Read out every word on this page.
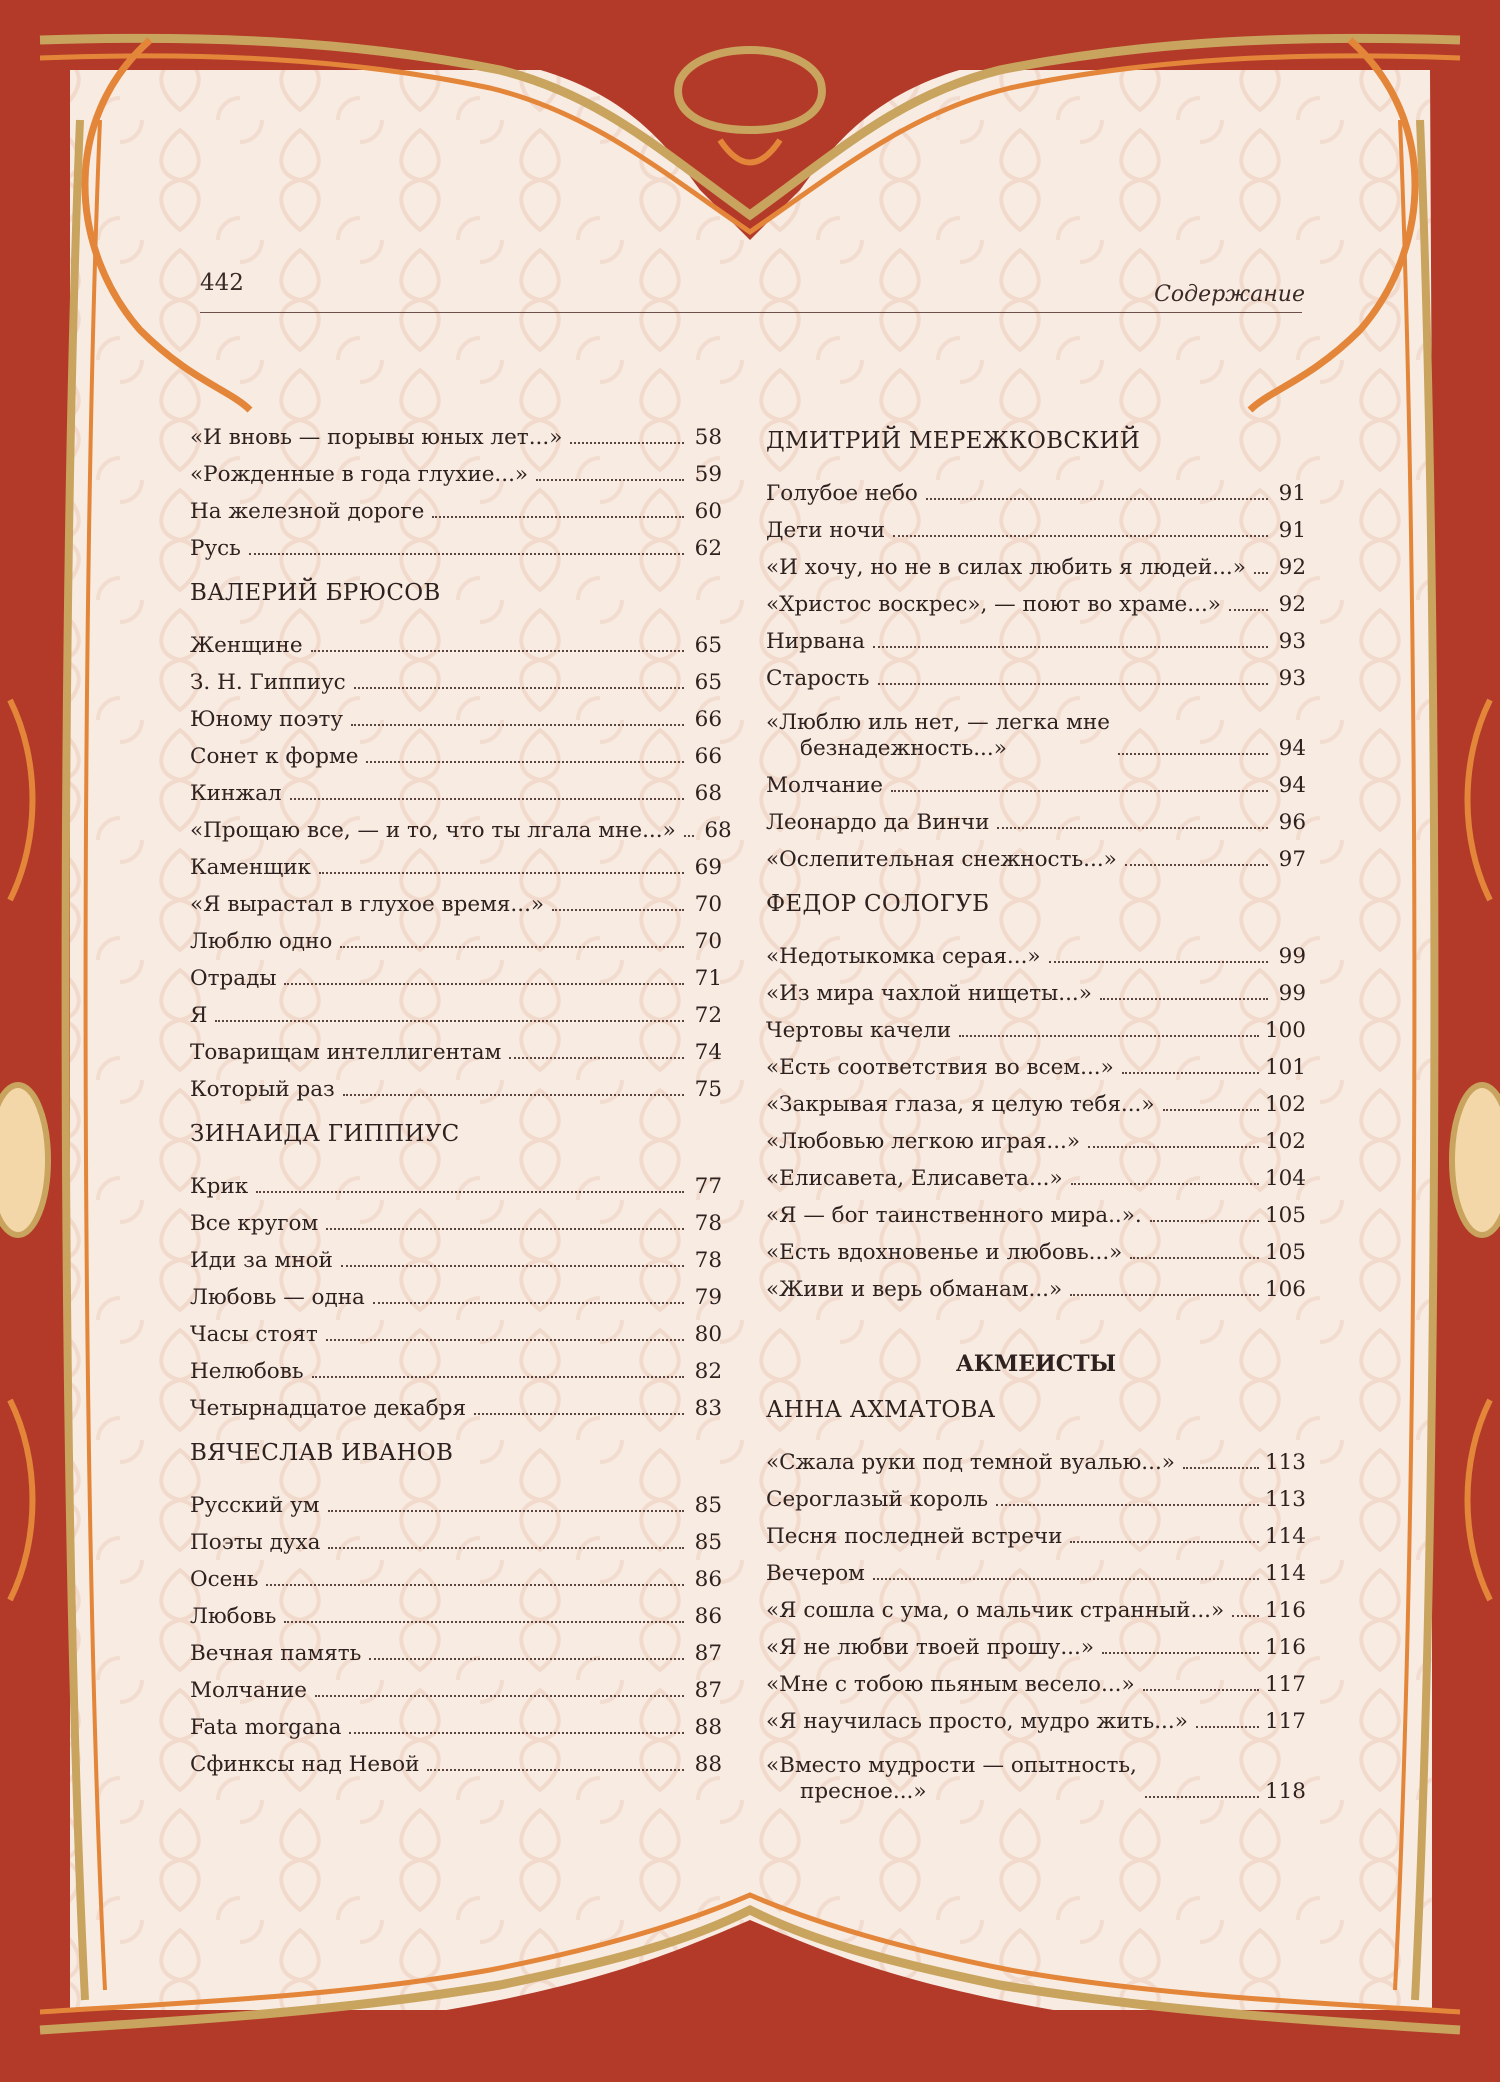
442	Содержание
«И вновь — порывы юных лет...»	58
«Рожденные в года глухие...»	59
На железной дороге	60
Русь	62
ВАЛЕРИЙ БРЮСОВ
Женщине	65
З. Н. Гиппиус	65
Юному поэту	66
Сонет к форме	66
Кинжал	68
«Прощаю все, — и то, что ты лгала мне...» 68
Каменщик	69
«Я вырастал в глухое время...»	70
Люблю одно	70
Отрады	71
Я	72
Товарищам интеллигентам	74
Который раз	75
ЗИНАИДА ГИППИУС
Крик	77
Все кругом	78
Иди за мной	78
Любовь — одна	79
Часы стоят	80
Нелюбовь	82
Четырнадцатое декабря	83
ВЯЧЕСЛАВ ИВАНОВ
Русский ум	85
Поэты духа	85
Осень	86
Любовь	86
Вечная память	87
Молчание	87
Fata morgana	88
Сфинксы над Невой	88
ДМИТРИЙ МЕРЕЖКОВСКИЙ
Голубое небо	91
Дети ночи	91
«И хочу, но не в силах любить я людей...» 92
«Христос воскрес», — поют во храме...»	92
Нирвана	93
Старость	93
«Люблю иль нет, — легка мне
безнадежность...»	94
Молчание	94
Леонардо да Винчи	96
«Ослепительная снежность...»	97
ФЕДОР СОЛОГУБ
«Недотыкомка серая...»	99
«Из мира чахлой нищеты...»	99
Чертовы качели	100
«Есть соответствия во всем...»	101
«Закрывая глаза, я целую тебя...»	102
«Любовью легкою играя...»	102
«Елисавета, Елисавета...»	104
«Я — бог таинственного мира..».	105
«Есть вдохновенье и любовь...»	105
«Живи и верь обманам...»	106
АКМЕИСТЫ
АННА АХМАТОВА
«Сжала руки под темной вуалью...»	113
Сероглазый король	113
Песня последней встречи	114
Вечером	114
«Я сошла с ума, о мальчик странный...» 116
«Я не любви твоей прошу...»	116
«Мне с тобою пьяным весело...»	117
«Я научилась просто, мудро жить...»	117
«Вместо мудрости — опытность,
пресное...»	118
